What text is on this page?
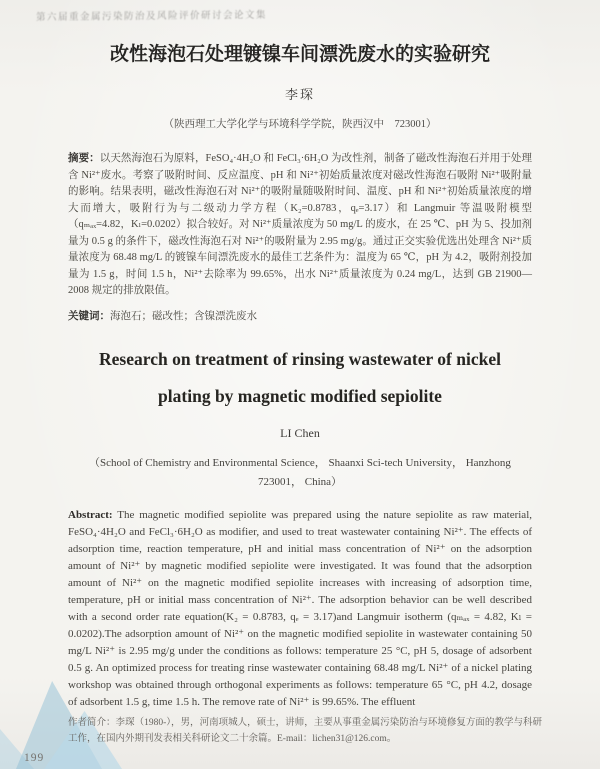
第六届重金属污染防治及风险评价研讨会论文集
改性海泡石处理镀镍车间漂洗废水的实验研究
李琛
（陕西理工大学化学与环境科学学院，陕西汉中　723001）

摘要：以天然海泡石为原料，FeSO₄·4H₂O 和 FeCl₃·6H₂O 为改性剂，制备了磁改性海泡石并用于处理含 Ni²⁺废水。考察了吸附时间、反应温度、pH 和 Ni²⁺初始质量浓度对磁改性海泡石吸附 Ni²⁺吸附量的影响。结果表明，磁改性海泡石对 Ni²⁺的吸附量随吸附时间、温度、pH 和 Ni²⁺初始质量浓度的增大而增大，吸附行为与二级动力学方程（K₂=0.8783，qₑ=3.17）和 Langmuir 等温吸附模型（qₘₐₓ=4.82，Kₗ=0.0202）拟合较好。对 Ni²⁺质量浓度为 50 mg/L 的废水，在 25 ℃、pH 为 5、投加剂量为 0.5 g 的条件下，磁改性海泡石对 Ni²⁺的吸附量为 2.95 mg/g。通过正交实验优选出处理含 Ni²⁺质量浓度为 68.48 mg/L 的镀镍车间漂洗废水的最佳工艺条件为：温度为 65 ℃，pH 为 4.2，吸附剂投加量为 1.5 g，时间 1.5 h，Ni²⁺去除率为 99.65%，出水 Ni²⁺质量浓度为 0.24 mg/L，达到 GB 21900—2008 规定的排放限值。

关键词：海泡石；磁改性；含镍漂洗废水

Research on treatment of rinsing wastewater of nickel
plating by magnetic modified sepiolite
LI Chen
（School of Chemistry and Environmental Science， Shaanxi Sci-tech University， Hanzhong 723001， China）

Abstract: The magnetic modified sepiolite was prepared using the nature sepiolite as raw material, FeSO₄·4H₂O and FeCl₃·6H₂O as modifier, and used to treat wastewater containing Ni²⁺. The effects of adsorption time, reaction temperature, pH and initial mass concentration of Ni²⁺ on the adsorption amount of Ni²⁺ by magnetic modified sepiolite were investigated. It was found that the adsorption amount of Ni²⁺ on the magnetic modified sepiolite increases with increasing of adsorption time, temperature, pH or initial mass concentration of Ni²⁺. The adsorption behavior can be well described with a second order rate equation(K₂ = 0.8783, qₑ = 3.17)and Langmuir isotherm (qₘₐₓ = 4.82, Kₗ = 0.0202).The adsorption amount of Ni²⁺ on the magnetic modified sepiolite in wastewater containing 50 mg/L Ni²⁺ is 2.95 mg/g under the conditions as follows: temperature 25 °C, pH 5, dosage of adsorbent 0.5 g. An optimized process for treating rinse wastewater containing 68.48 mg/L Ni²⁺ of a nickel plating workshop was obtained through orthogonal experiments as follows: temperature 65 °C, pH 4.2, dosage of adsorbent 1.5 g, time 1.5 h. The remove rate of Ni²⁺ is 99.65%. The effluent

作者简介：李琛（1980-），男，河南项城人，硕士，讲师，主要从事重金属污染防治与环境修复方面的教学与科研工作，在国内外期刊发表相关科研论文二十余篇。E-mail：lichen31@126.com。
199
